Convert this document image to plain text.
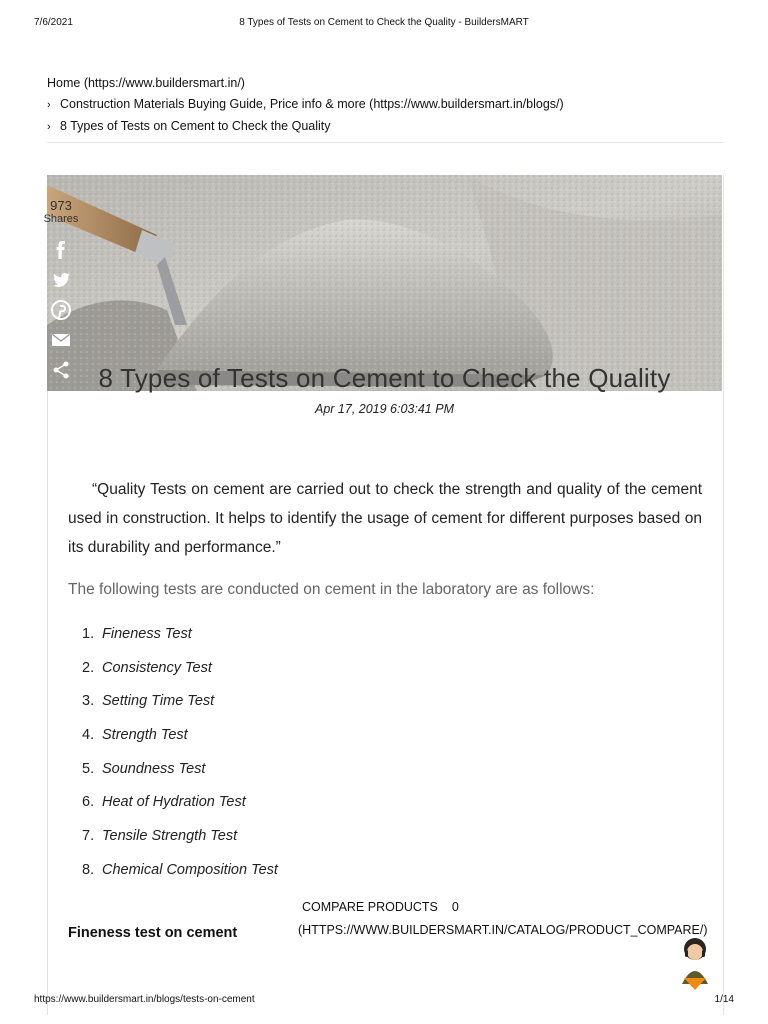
7/6/2021	8 Types of Tests on Cement to Check the Quality - BuildersMART
Home (https://www.buildersmart.in/)
› Construction Materials Buying Guide, Price info & more (https://www.buildersmart.in/blogs/)
› 8 Types of Tests on Cement to Check the Quality
973
Shares
8 Types of Tests on Cement to Check the Quality
Apr 17, 2019 6:03:41 PM

“Quality Tests on cement are carried out to check the strength and quality of the cement used in construction. It helps to identify the usage of cement for different purposes based on its durability and performance.”

The following tests are conducted on cement in the laboratory are as follows:

1. Fineness Test
2. Consistency Test
3. Setting Time Test
4. Strength Test
5. Soundness Test
6. Heat of Hydration Test
7. Tensile Strength Test
8. Chemical Composition Test
COMPARE PRODUCTS 0
(HTTPS://WWW.BUILDERSMART.IN/CATALOG/PRODUCT_COMPARE/)
Fineness test on cement
https://www.buildersmart.in/blogs/tests-on-cement	1/14
